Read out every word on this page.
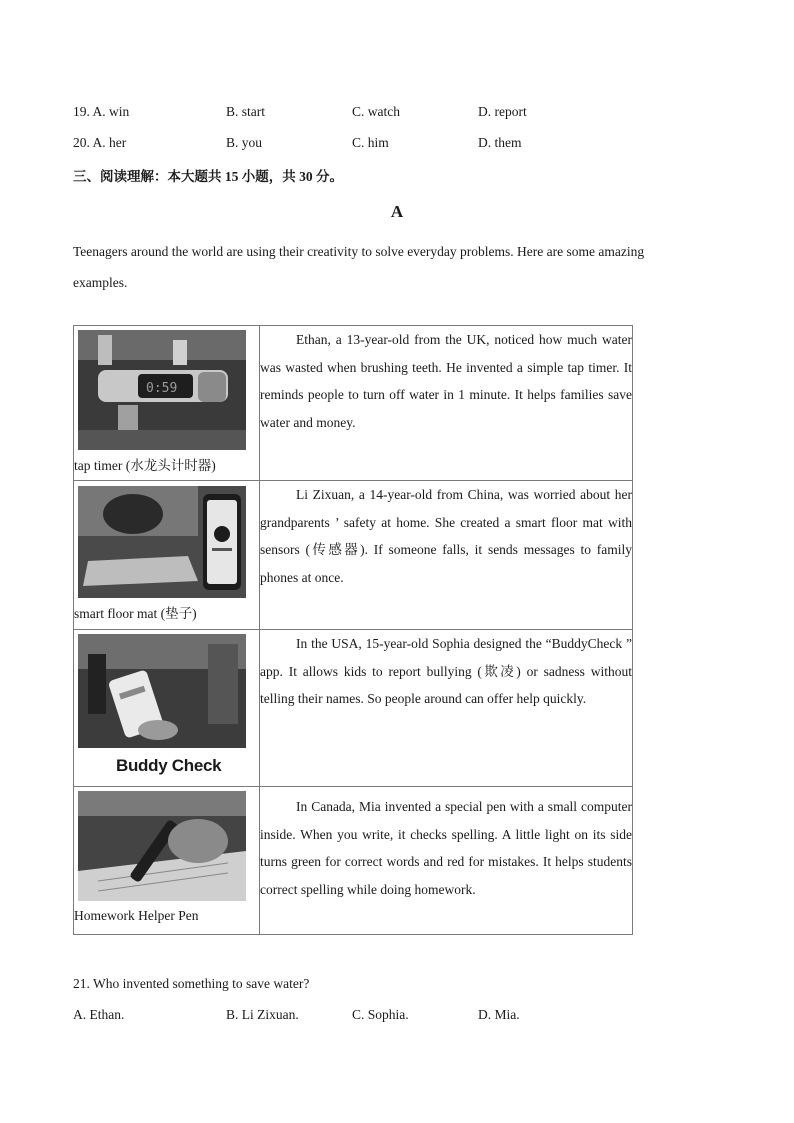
19. A. win	B. start	C. watch	D. report
20. A. her	B. you	C. him	D. them
三、阅读理解：本大题共 15 小题，共 30 分。
A
Teenagers around the world are using their creativity to solve everyday problems. Here are some amazing examples.
0:59
tap timer (水龙头计时器)	Ethan, a 13-year-old from the UK, noticed how much water was wasted when brushing teeth. He invented a simple tap timer. It reminds people to turn off water in 1 minute. It helps families save water and money.

smart floor mat (垫子)	Li Zixuan, a 14-year-old from China, was worried about her grandparents ’ safety at home. She created a smart floor mat with sensors (传感器). If someone falls, it sends messages to family phones at once.

Buddy Check	In the USA, 15-year-old Sophia designed the “BuddyCheck ” app. It allows kids to report bullying (欺凌) or sadness without telling their names. So people around can offer help quickly.

Homework Helper Pen	In Canada, Mia invented a special pen with a small computer inside. When you write, it checks spelling. A little light on its side turns green for correct words and red for mistakes. It helps students correct spelling while doing homework.

21. Who invented something to save water?
A. Ethan.	B. Li Zixuan.	C. Sophia.	D. Mia.
